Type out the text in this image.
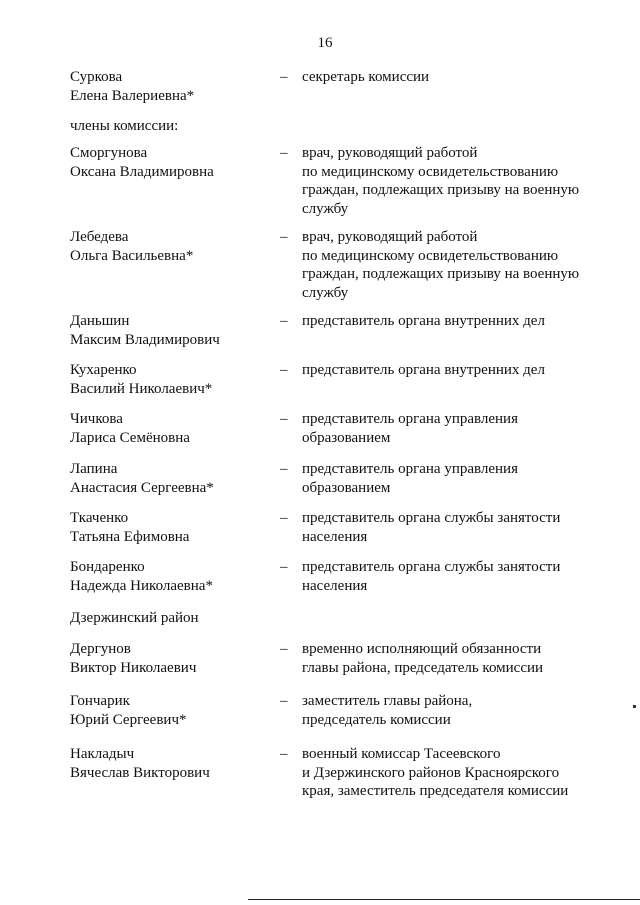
16
Суркова
Елена Валериевна*
– секретарь комиссии
члены комиссии:
Сморгунова
Оксана Владимировна
– врач, руководящий работой
по медицинскому освидетельствованию
граждан, подлежащих призыву на военную
службу
Лебедева
Ольга Васильевна*
– врач, руководящий работой
по медицинскому освидетельствованию
граждан, подлежащих призыву на военную
службу
Даньшин
Максим Владимирович
– представитель органа внутренних дел
Кухаренко
Василий Николаевич*
– представитель органа внутренних дел
Чичкова
Лариса Семёновна
– представитель органа управления
образованием
Лапина
Анастасия Сергеевна*
– представитель органа управления
образованием
Ткаченко
Татьяна Ефимовна
– представитель органа службы занятости
населения
Бондаренко
Надежда Николаевна*
– представитель органа службы занятости
населения
Дзержинский район
Дергунов
Виктор Николаевич
– временно исполняющий обязанности
главы района, председатель комиссии
Гончарик
Юрий Сергеевич*
– заместитель главы района,
председатель комиссии
Накладыч
Вячеслав Викторович
– военный комиссар Тасеевского
и Дзержинского районов Красноярского
края, заместитель председателя комиссии
